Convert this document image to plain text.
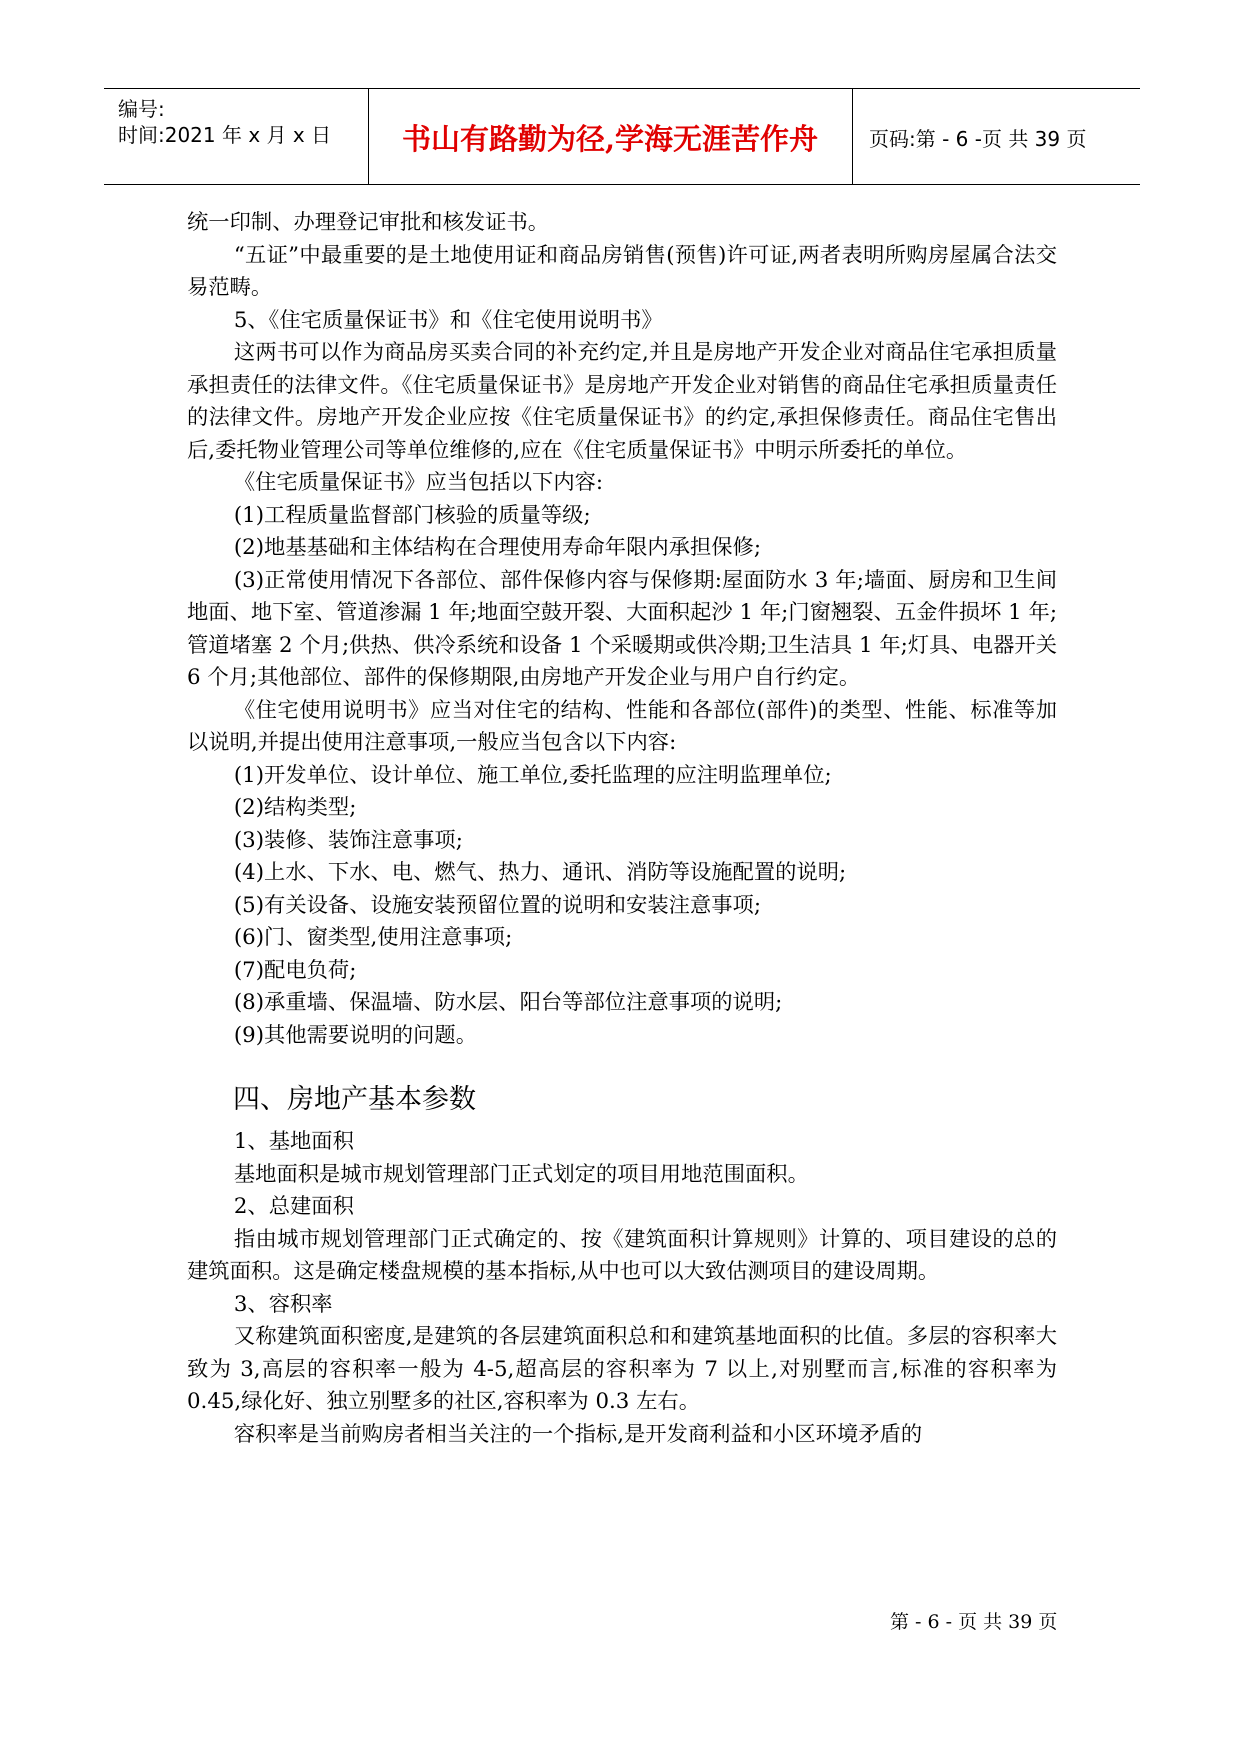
编号:
时间:2021 年 x 月 x 日	书山有路勤为径,学海无涯苦作舟	页码:第 - 6 -页 共 39 页

统一印制、办理登记审批和核发证书。

“五证”中最重要的是土地使用证和商品房销售(预售)许可证,两者表明所购房屋属合法交易范畴。

5、《住宅质量保证书》和《住宅使用说明书》

这两书可以作为商品房买卖合同的补充约定,并且是房地产开发企业对商品住宅承担质量承担责任的法律文件。《住宅质量保证书》是房地产开发企业对销售的商品住宅承担质量责任的法律文件。房地产开发企业应按《住宅质量保证书》的约定,承担保修责任。商品住宅售出后,委托物业管理公司等单位维修的,应在《住宅质量保证书》中明示所委托的单位。

《住宅质量保证书》应当包括以下内容:

(1)工程质量监督部门核验的质量等级;

(2)地基基础和主体结构在合理使用寿命年限内承担保修;

(3)正常使用情况下各部位、部件保修内容与保修期:屋面防水 3 年;墙面、厨房和卫生间地面、地下室、管道渗漏 1 年;地面空鼓开裂、大面积起沙 1 年;门窗翘裂、五金件损坏 1 年;管道堵塞 2 个月;供热、供冷系统和设备 1 个采暖期或供冷期;卫生洁具 1 年;灯具、电器开关 6 个月;其他部位、部件的保修期限,由房地产开发企业与用户自行约定。

《住宅使用说明书》应当对住宅的结构、性能和各部位(部件)的类型、性能、标准等加以说明,并提出使用注意事项,一般应当包含以下内容:

(1)开发单位、设计单位、施工单位,委托监理的应注明监理单位;

(2)结构类型;

(3)装修、装饰注意事项;

(4)上水、下水、电、燃气、热力、通讯、消防等设施配置的说明;

(5)有关设备、设施安装预留位置的说明和安装注意事项;

(6)门、窗类型,使用注意事项;

(7)配电负荷;

(8)承重墙、保温墙、防水层、阳台等部位注意事项的说明;

(9)其他需要说明的问题。

四、房地产基本参数

1、基地面积

基地面积是城市规划管理部门正式划定的项目用地范围面积。

2、总建面积

指由城市规划管理部门正式确定的、按《建筑面积计算规则》计算的、项目建设的总的建筑面积。这是确定楼盘规模的基本指标,从中也可以大致估测项目的建设周期。

3、容积率

又称建筑面积密度,是建筑的各层建筑面积总和和建筑基地面积的比值。多层的容积率大致为 3,高层的容积率一般为 4-5,超高层的容积率为 7 以上,对别墅而言,标准的容积率为 0.45,绿化好、独立别墅多的社区,容积率为 0.3 左右。

容积率是当前购房者相当关注的一个指标,是开发商利益和小区环境矛盾的

第 - 6 - 页 共 39 页
